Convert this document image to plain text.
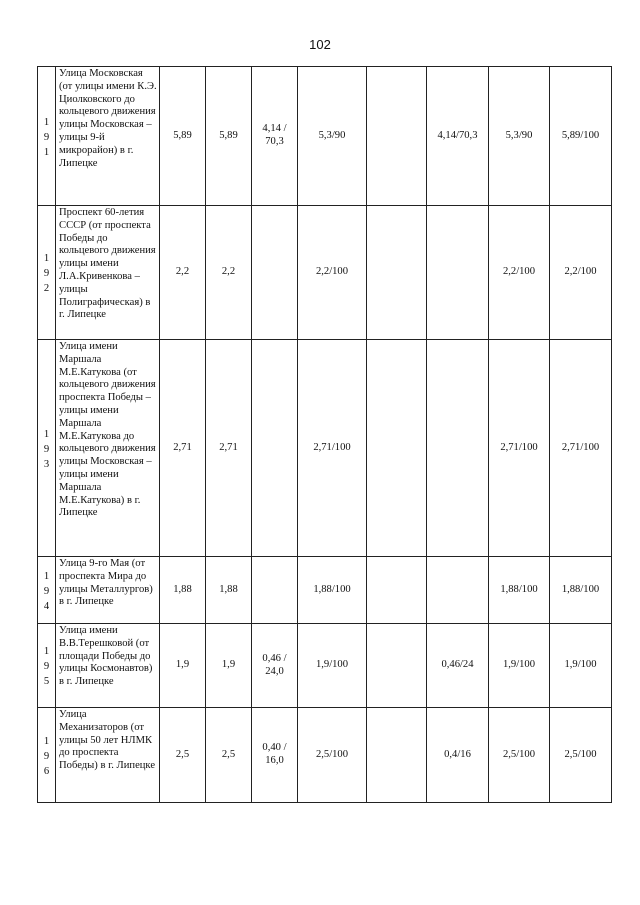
102
1
9
1	Улица Московская (от улицы имени К.Э. Циолковского до кольцевого движения улицы Московская – улицы 9-й микрорайон) в г. Липецке	5,89	5,89	4,14 /
70,3	5,3/90		4,14/70,3	5,3/90	5,89/100

1
9
2	Проспект 60-летия СССР (от проспекта Победы до кольцевого движения улицы имени Л.А.Кривенкова – улицы Полиграфическая) в г. Липецке	2,2	2,2		2,2/100			2,2/100	2,2/100

1
9
3	Улица имени Маршала М.Е.Катукова (от кольцевого движения проспекта Победы – улицы имени Маршала М.Е.Катукова до кольцевого движения улицы Московская – улицы имени Маршала М.Е.Катукова) в г. Липецке	2,71	2,71		2,71/100			2,71/100	2,71/100

1
9
4	Улица 9-го Мая (от проспекта Мира до улицы Металлургов) в г. Липецке	1,88	1,88		1,88/100			1,88/100	1,88/100

1
9
5	Улица имени В.В.Терешковой (от площади Победы до улицы Космонавтов) в г. Липецке	1,9	1,9	0,46 /
24,0	1,9/100		0,46/24	1,9/100	1,9/100

1
9
6	Улица Механизаторов (от улицы 50 лет НЛМК до проспекта Победы) в г. Липецке	2,5	2,5	0,40 /
16,0	2,5/100		0,4/16	2,5/100	2,5/100
